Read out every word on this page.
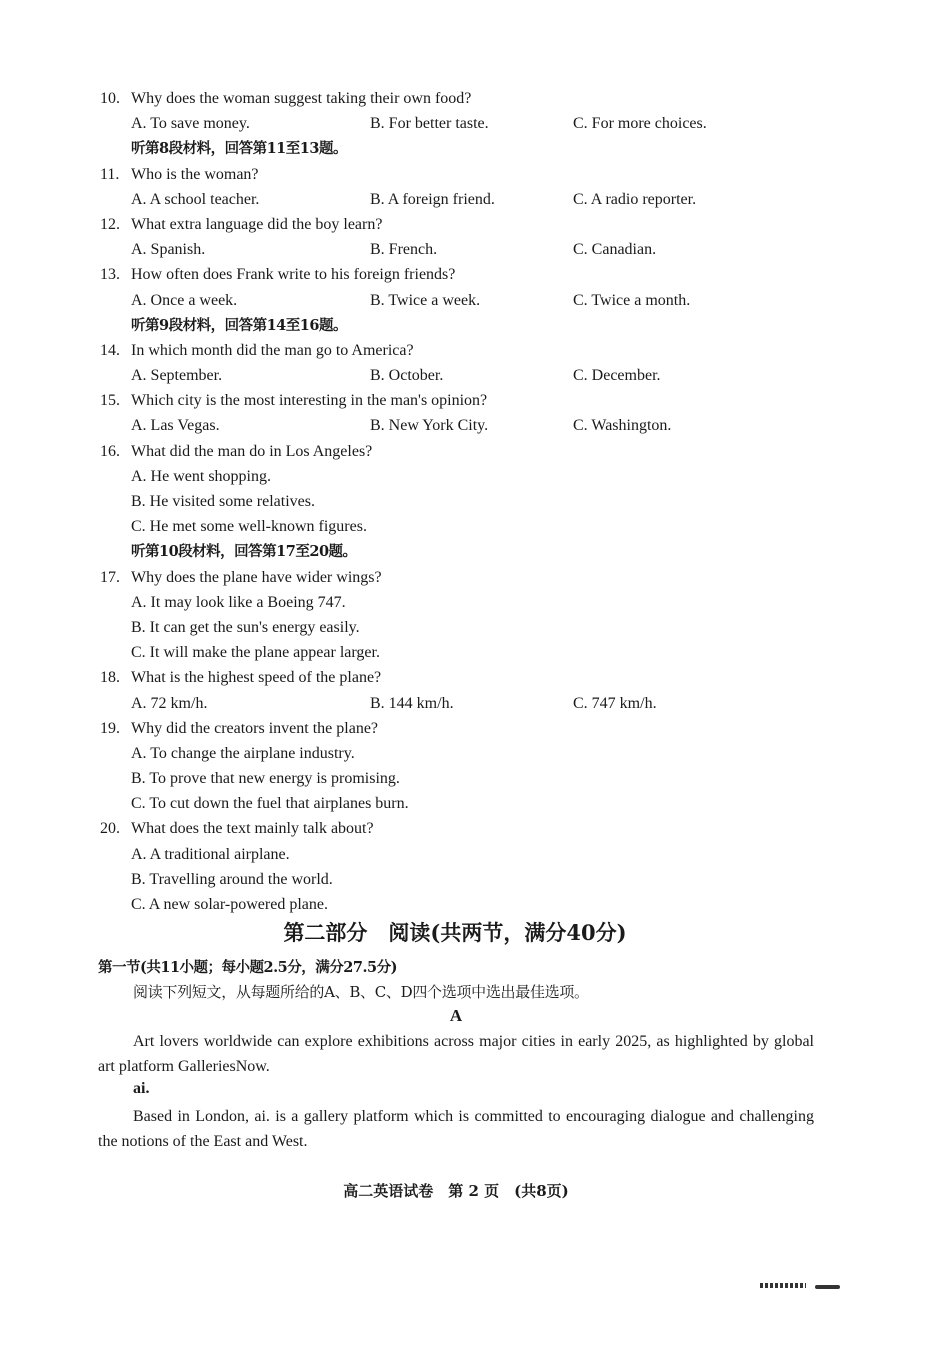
10. Why does the woman suggest taking their own food?
A. To save money.	B. For better taste.	C. For more choices.
听第8段材料，回答第11至13题。
11. Who is the woman?
A. A school teacher.	B. A foreign friend.	C. A radio reporter.
12. What extra language did the boy learn?
A. Spanish.	B. French.	C. Canadian.
13. How often does Frank write to his foreign friends?
A. Once a week.	B. Twice a week.	C. Twice a month.
听第9段材料，回答第14至16题。
14. In which month did the man go to America?
A. September.	B. October.	C. December.
15. Which city is the most interesting in the man's opinion?
A. Las Vegas.	B. New York City.	C. Washington.
16. What did the man do in Los Angeles?
A. He went shopping.
B. He visited some relatives.
C. He met some well-known figures.
听第10段材料，回答第17至20题。
17. Why does the plane have wider wings?
A. It may look like a Boeing 747.
B. It can get the sun's energy easily.
C. It will make the plane appear larger.
18. What is the highest speed of the plane?
A. 72 km/h.	B. 144 km/h.	C. 747 km/h.
19. Why did the creators invent the plane?
A. To change the airplane industry.
B. To prove that new energy is promising.
C. To cut down the fuel that airplanes burn.
20. What does the text mainly talk about?
A. A traditional airplane.
B. Travelling around the world.
C. A new solar-powered plane.
第二部分　阅读(共两节，满分40分)
第一节(共11小题；每小题2.5分，满分27.5分)
阅读下列短文，从每题所给的A、B、C、D四个选项中选出最佳选项。
A
Art lovers worldwide can explore exhibitions across major cities in early 2025, as highlighted by global art platform GalleriesNow.
ai.
Based in London, ai. is a gallery platform which is committed to encouraging dialogue and challenging the notions of the East and West.
高二英语试卷　第 2 页　(共8页)
